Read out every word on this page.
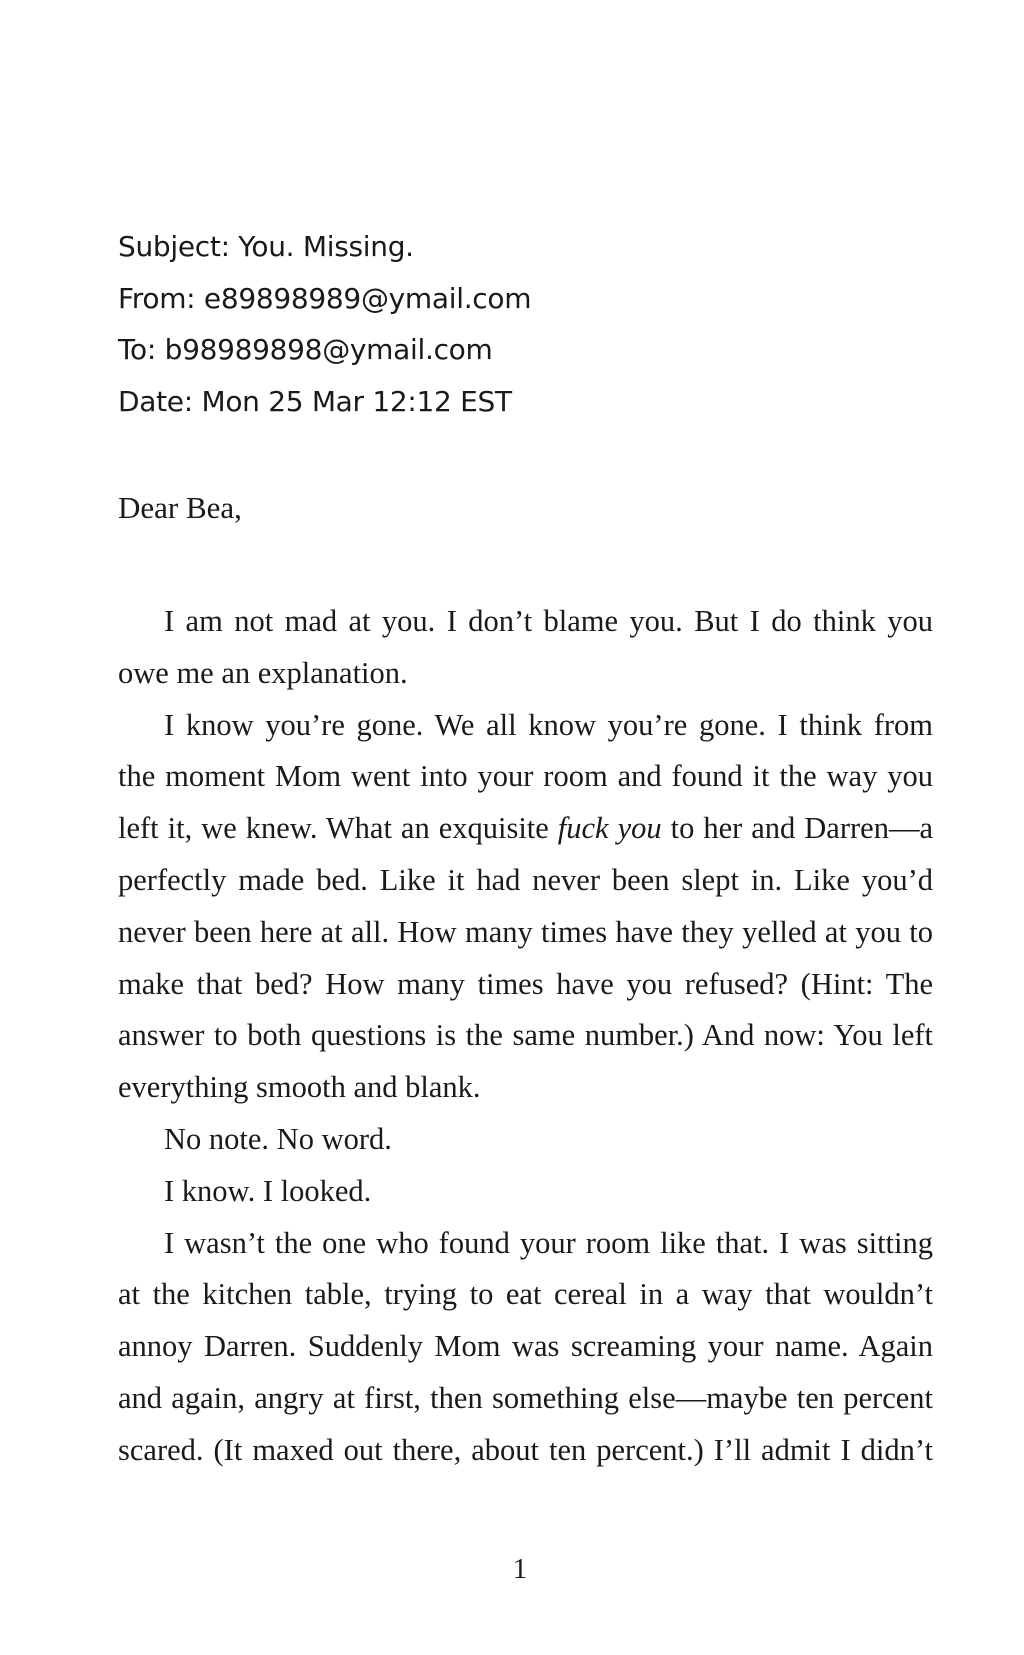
Subject: You. Missing.
From: e89898989@ymail.com
To: b98989898@ymail.com
Date: Mon 25 Mar 12:12 EST
Dear Bea,

I am not mad at you. I don’t blame you. But I do think you owe me an explanation.

I know you’re gone. We all know you’re gone. I think from the moment Mom went into your room and found it the way you left it, we knew. What an exquisite fuck you to her and Darren—a perfectly made bed. Like it had never been slept in. Like you’d never been here at all. How many times have they yelled at you to make that bed? How many times have you refused? (Hint: The answer to both questions is the same number.) And now: You left everything smooth and blank.

No note. No word.

I know. I looked.

I wasn’t the one who found your room like that. I was sitting at the kitchen table, trying to eat cereal in a way that wouldn’t annoy Darren. Suddenly Mom was screaming your name. Again and again, angry at first, then something else—maybe ten percent scared. (It maxed out there, about ten percent.) I’ll admit I didn’t

1
